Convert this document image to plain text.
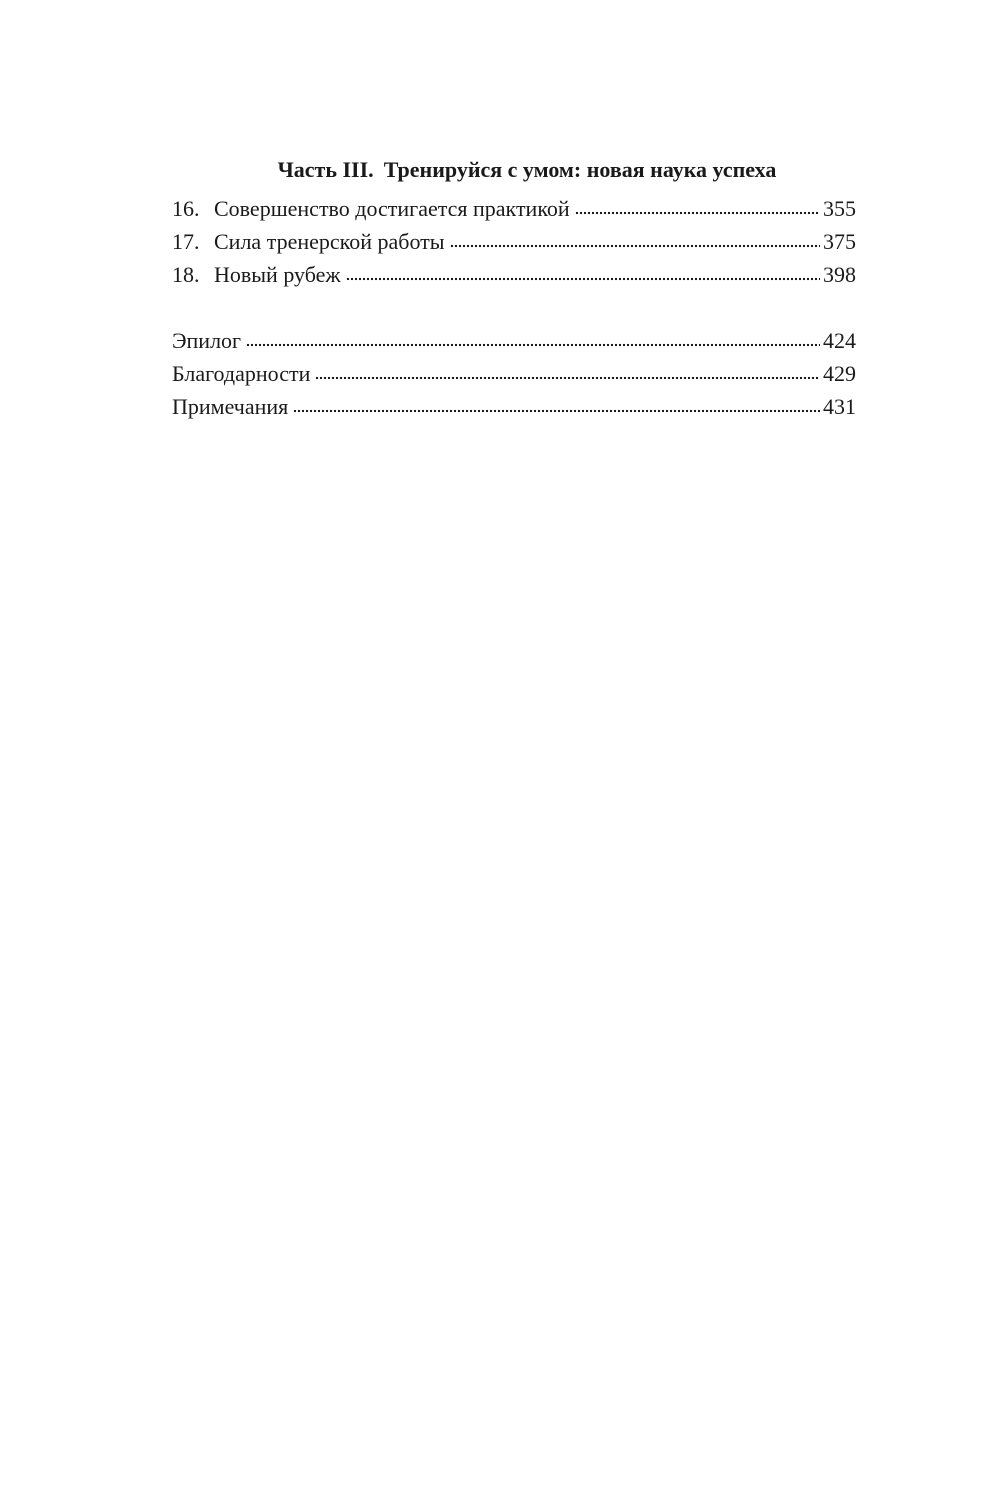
Часть III. Тренируйся с умом: новая наука успеха
16. Совершенство достигается практикой	355
17. Сила тренерской работы	375
18. Новый рубеж	398
Эпилог	424
Благодарности	429
Примечания	431
